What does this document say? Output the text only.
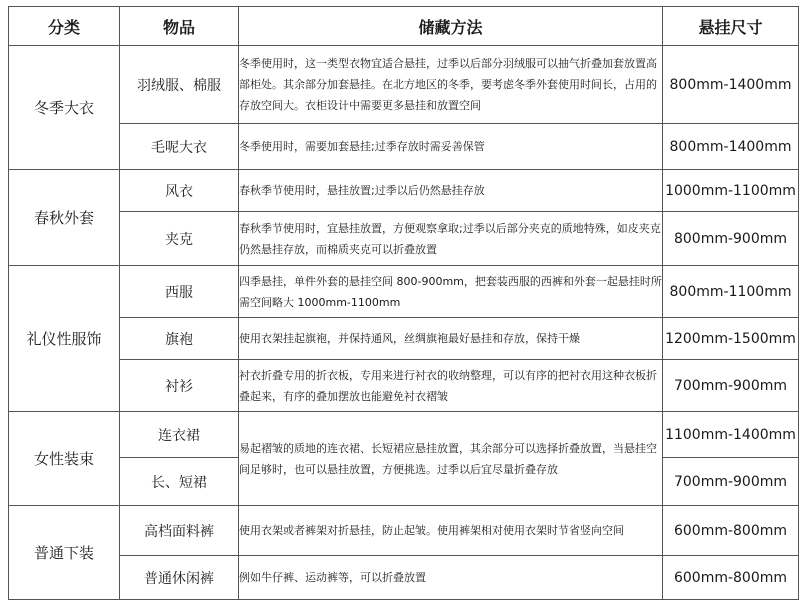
分类	物品	储藏方法	悬挂尺寸
冬季大衣	羽绒服、棉服	冬季使用时，这一类型衣物宜适合悬挂，过季以后部分羽绒服可以抽气折叠加套放置高部柜处。其余部分加套悬挂。在北方地区的冬季，要考虑冬季外套使用时间长，占用的存放空间大。衣柜设计中需要更多悬挂和放置空间	800mm-1400mm
	毛呢大衣	冬季使用时，需要加套悬挂;过季存放时需妥善保管	800mm-1400mm
春秋外套	风衣	春秋季节使用时，悬挂放置;过季以后仍然悬挂存放	1000mm-1100mm
	夹克	春秋季节使用时，宜悬挂放置，方便观察拿取;过季以后部分夹克的质地特殊，如皮夹克仍然悬挂存放，而棉质夹克可以折叠放置	800mm-900mm
礼仪性服饰	西服	四季悬挂，单件外套的悬挂空间 800-900mm，把套装西服的西裤和外套一起悬挂时所需空间略大 1000mm-1100mm	800mm-1100mm
	旗袍	使用衣架挂起旗袍，并保持通风，丝绸旗袍最好悬挂和存放，保持干燥	1200mm-1500mm
	衬衫	衬衣折叠专用的折衣板，专用来进行衬衣的收纳整理，可以有序的把衬衣用这种衣板折叠起来，有序的叠加摆放也能避免衬衣褶皱	700mm-900mm
女性装束	连衣裙	易起褶皱的质地的连衣裙、长短裙应悬挂放置，其余部分可以选择折叠放置，当悬挂空间足够时，也可以悬挂放置，方便挑选。过季以后宜尽量折叠存放	1100mm-1400mm
	长、短裙		700mm-900mm
普通下装	高档面料裤	使用衣架或者裤架对折悬挂，防止起皱。使用裤架相对使用衣架时节省竖向空间	600mm-800mm
	普通休闲裤	例如牛仔裤、运动裤等，可以折叠放置	600mm-800mm
